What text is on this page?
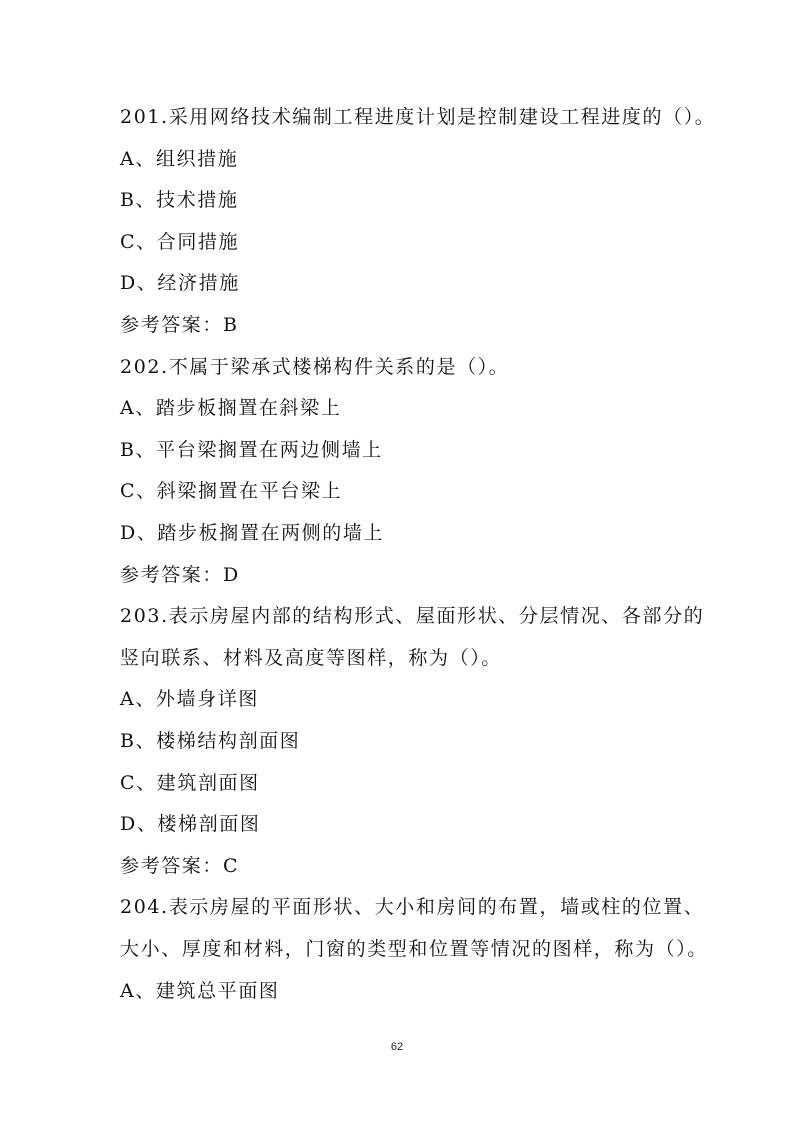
201.采用网络技术编制工程进度计划是控制建设工程进度的（）。
A、组织措施
B、技术措施
C、合同措施
D、经济措施
参考答案：B
202.不属于梁承式楼梯构件关系的是（）。
A、踏步板搁置在斜梁上
B、平台梁搁置在两边侧墙上
C、斜梁搁置在平台梁上
D、踏步板搁置在两侧的墙上
参考答案：D
203.表示房屋内部的结构形式、屋面形状、分层情况、各部分的
竖向联系、材料及高度等图样，称为（）。
A、外墙身详图
B、楼梯结构剖面图
C、建筑剖面图
D、楼梯剖面图
参考答案：C
204.表示房屋的平面形状、大小和房间的布置，墙或柱的位置、
大小、厚度和材料，门窗的类型和位置等情况的图样，称为（）。
A、建筑总平面图
62
